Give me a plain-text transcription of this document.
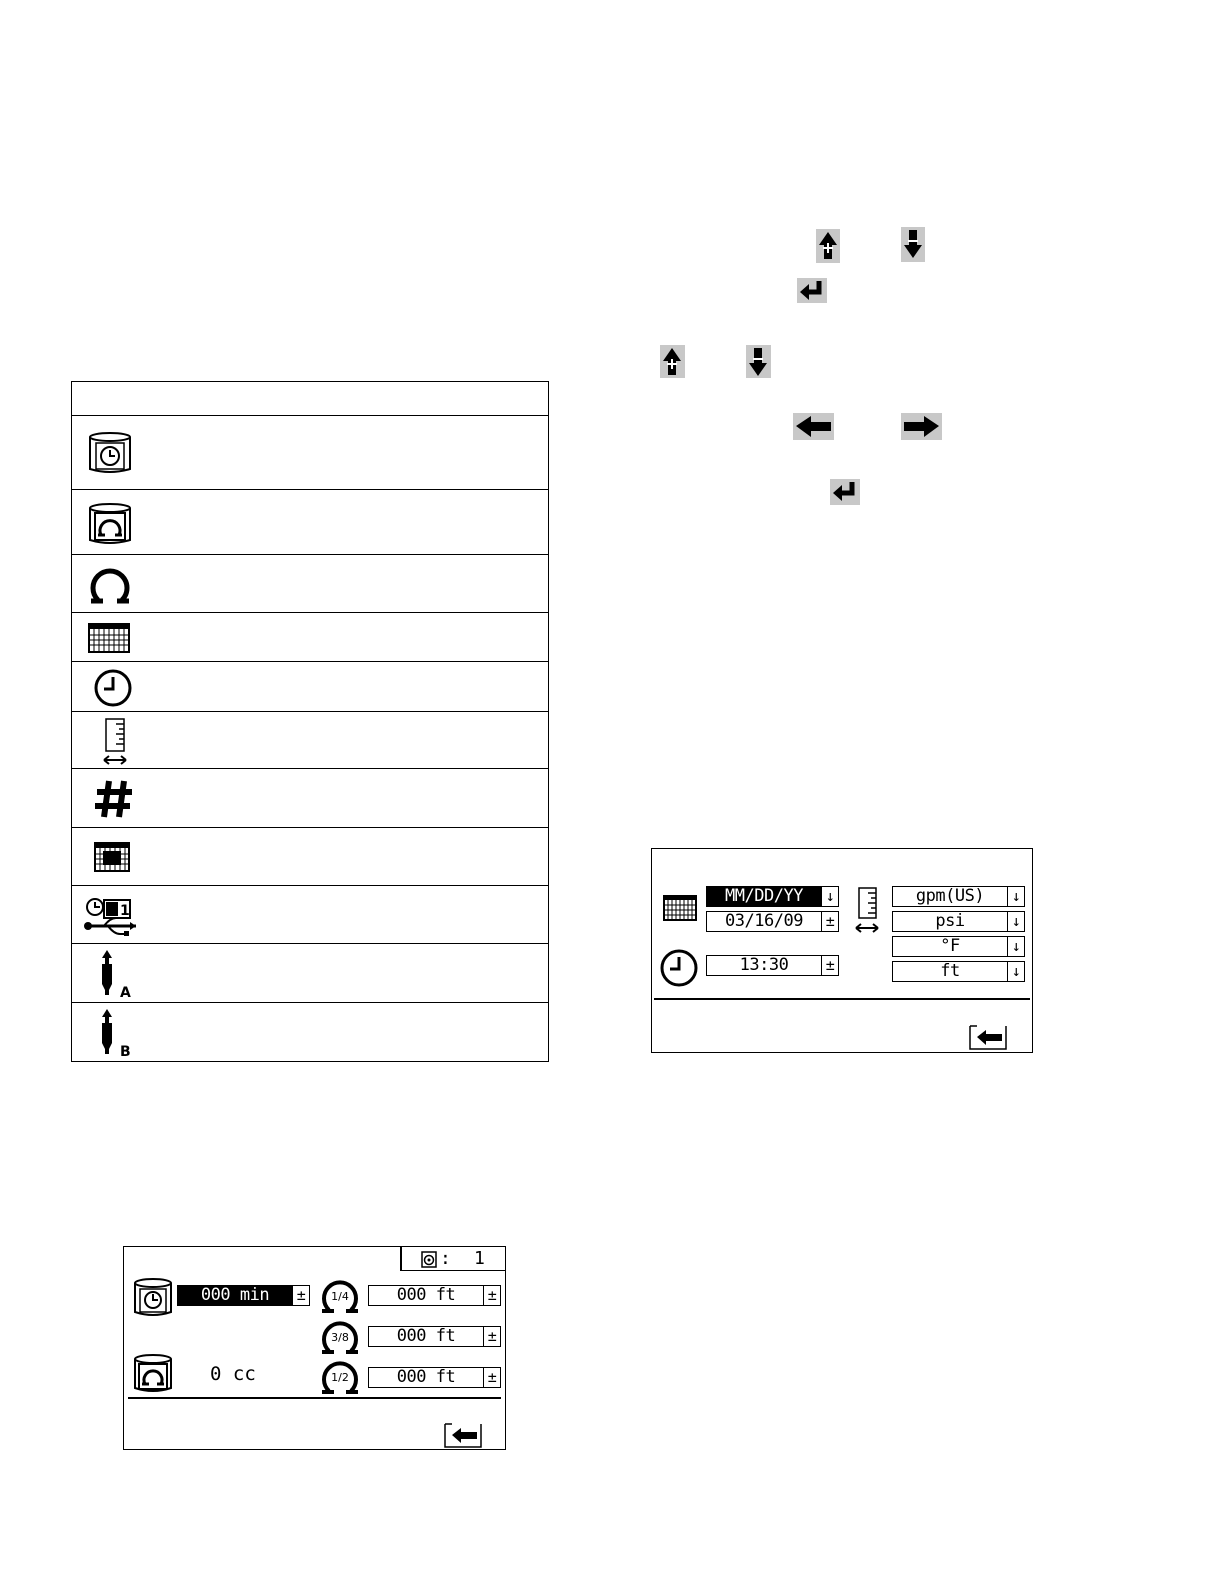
1
A
B
MM/DD/YY	↓
03/16/09	±
13:30	±
gpm(US)	↓
psi	↓
°F	↓
ft	↓
: 1
000 min	±	1/4	000 ft	±
3/8	000 ft	±
0 cc	1/2	000 ft	±
